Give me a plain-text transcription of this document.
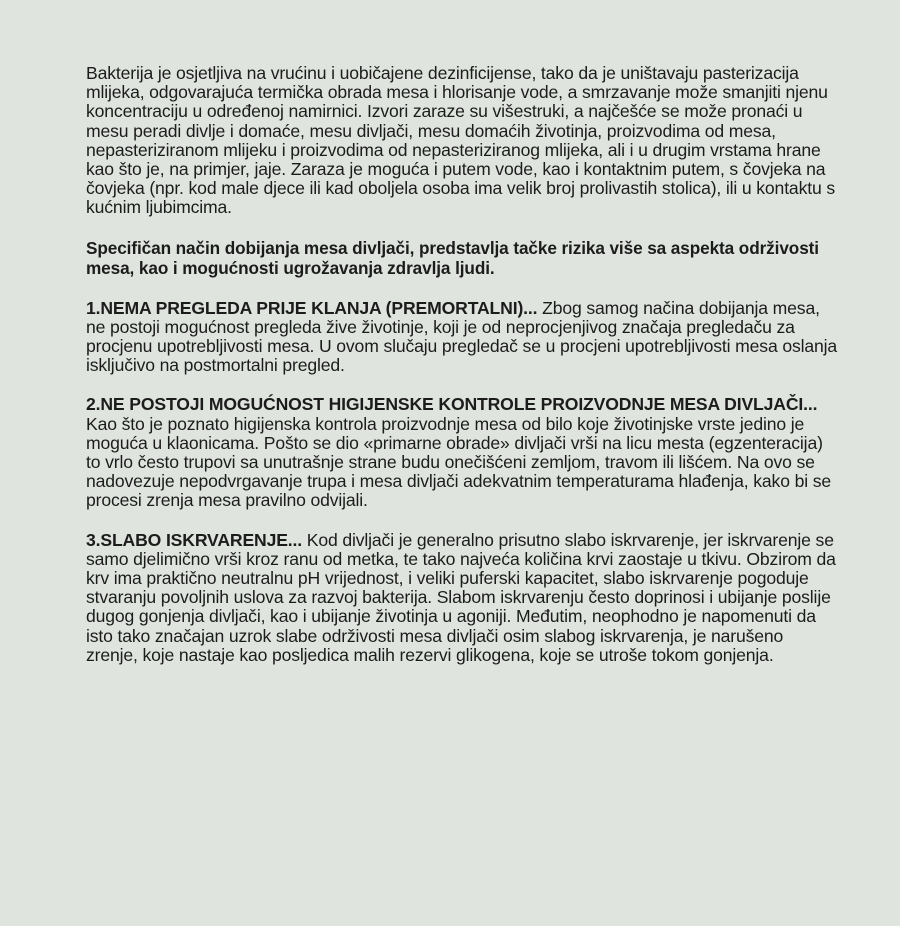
Bakterija je osjetljiva na vrućinu i uobičajene dezinficijense, tako da je uništavaju pasterizacija mlijeka, odgovarajuća termička obrada mesa i hlorisanje vode, a smrzavanje može smanjiti njenu koncentraciju u određenoj namirnici. Izvori zaraze su višestruki, a najčešće se može pronaći u mesu peradi divlje i domaće, mesu divljači, mesu domaćih životinja, proizvodima od mesa, nepasteriziranom mlijeku i proizvodima od nepasteriziranog mlijeka, ali i u drugim vrstama hrane kao što je, na primjer, jaje. Zaraza je moguća i putem vode, kao i kontaktnim putem, s čovjeka na čovjeka (npr. kod male djece ili kad oboljela osoba ima velik broj prolivastih stolica), ili u kontaktu s kućnim ljubimcima.

Specifičan način dobijanja mesa divljači, predstavlja tačke rizika više sa aspekta održivosti mesa, kao i mogućnosti ugrožavanja zdravlja ljudi.

1.NEMA PREGLEDA PRIJE KLANJA (PREMORTALNI)... Zbog samog načina dobijanja mesa, ne postoji mogućnost pregleda žive životinje, koji je od neprocjenjivog značaja pregledaču za procjenu upotrebljivosti mesa. U ovom slučaju pregledač se u procjeni upotrebljivosti mesa oslanja isključivo na postmortalni pregled.

2.NE POSTOJI MOGUĆNOST HIGIJENSKE KONTROLE PROIZVODNJE MESA DIVLJAČI... Kao što je poznato higijenska kontrola proizvodnje mesa od bilo koje životinjske vrste jedino je moguća u klaonicama. Pošto se dio «primarne obrade» divljači vrši na licu mesta (egzenteracija) to vrlo često trupovi sa unutrašnje strane budu onečišćeni zemljom, travom ili lišćem. Na ovo se nadovezuje nepodvrgavanje trupa i mesa divljači adekvatnim temperaturama hlađenja, kako bi se procesi zrenja mesa pravilno odvijali.

3.SLABO ISKRVARENJE... Kod divljači je generalno prisutno slabo iskrvarenje, jer iskrvarenje se samo djelimično vrši kroz ranu od metka, te tako najveća količina krvi zaostaje u tkivu. Obzirom da krv ima praktično neutralnu pH vrijednost, i veliki puferski kapacitet, slabo iskrvarenje pogoduje stvaranju povoljnih uslova za razvoj bakterija. Slabom iskrvarenju često doprinosi i ubijanje poslije dugog gonjenja divljači, kao i ubijanje životinja u agoniji. Međutim, neophodno je napomenuti da isto tako značajan uzrok slabe održivosti mesa divljači osim slabog iskrvarenja, je narušeno zrenje, koje nastaje kao posljedica malih rezervi glikogena, koje se utroše tokom gonjenja.
